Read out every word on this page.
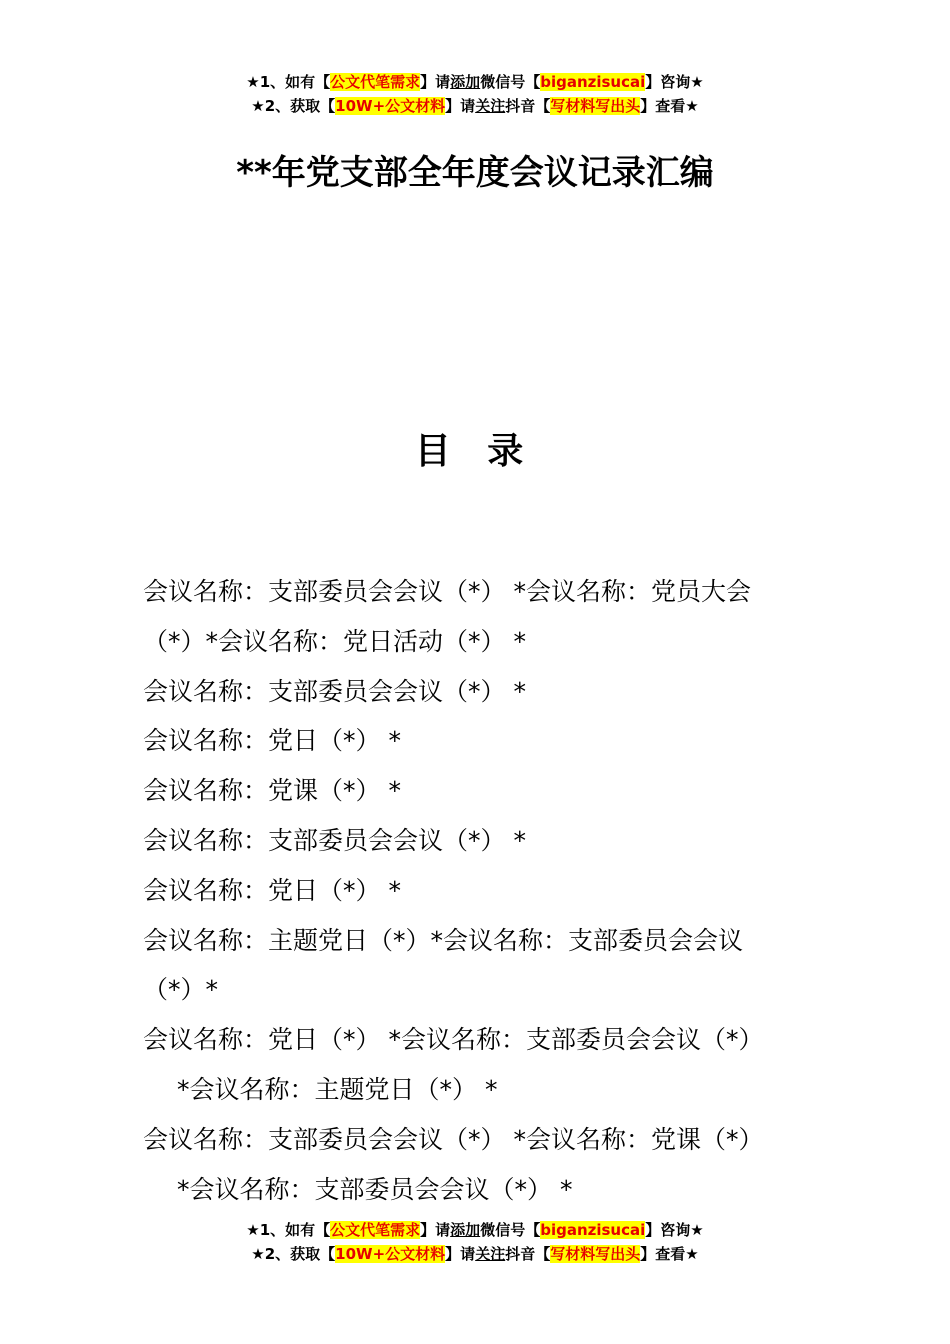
★1、如有【公文代笔需求】请添加微信号【biganzisucai】咨询★
★2、获取【10W+公文材料】请关注抖音【写材料写出头】查看★
**年党支部全年度会议记录汇编
目 录
会议名称：支部委员会会议（*） *会议名称：党员大会
（*）*会议名称：党日活动（*） *
会议名称：支部委员会会议（*） *
会议名称：党日（*） *
会议名称：党课（*） *
会议名称：支部委员会会议（*） *
会议名称：党日（*） *
会议名称：主题党日（*）*会议名称：支部委员会会议
（*）*
会议名称：党日（*） *会议名称：支部委员会会议（*）
*会议名称：主题党日（*） *
会议名称：支部委员会会议（*） *会议名称：党课（*）
*会议名称：支部委员会会议（*） *
★1、如有【公文代笔需求】请添加微信号【biganzisucai】咨询★
★2、获取【10W+公文材料】请关注抖音【写材料写出头】查看★
